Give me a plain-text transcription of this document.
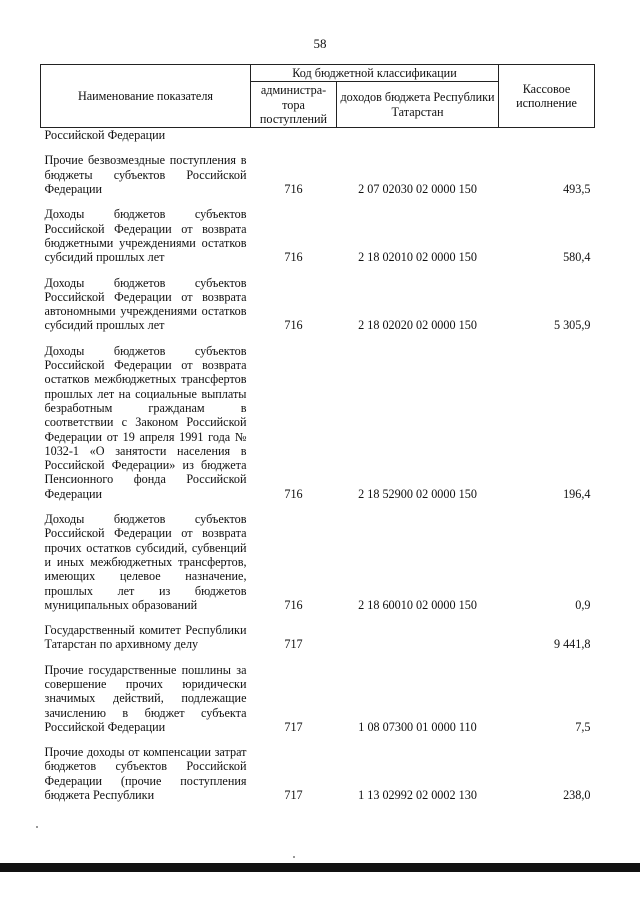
58
Наименование показателя	Код бюджетной классификации		Кассовое исполнение
	администра-тора поступлений	доходов бюджета Республики Татарстан	
Российской Федерации			
Прочие безвозмездные поступления в бюджеты субъектов Российской Федерации	716	2 07 02030 02 0000 150	493,5
Доходы бюджетов субъектов Российской Федерации от возврата бюджетными учреждениями остатков субсидий прошлых лет	716	2 18 02010 02 0000 150	580,4
Доходы бюджетов субъектов Российской Федерации от возврата автономными учреждениями остатков субсидий прошлых лет	716	2 18 02020 02 0000 150	5 305,9
Доходы бюджетов субъектов Российской Федерации от возврата остатков межбюджетных трансфертов прошлых лет на социальные выплаты безработным гражданам в соответствии с Законом Российской Федерации от 19 апреля 1991 года № 1032-1 «О занятости населения в Российской Федерации» из бюджета Пенсионного фонда Российской Федерации	716	2 18 52900 02 0000 150	196,4
Доходы бюджетов субъектов Российской Федерации от возврата прочих остатков субсидий, субвенций и иных межбюджетных трансфертов, имеющих целевое назначение, прошлых лет из бюджетов муниципальных образований	716	2 18 60010 02 0000 150	0,9
Государственный комитет Республики Татарстан по архивному делу	717		9 441,8
Прочие государственные пошлины за совершение прочих юридически значимых действий, подлежащие зачислению в бюджет субъекта Российской Федерации	717	1 08 07300 01 0000 110	7,5
Прочие доходы от компенсации затрат бюджетов субъектов Российской Федерации (прочие поступления бюджета Республики	717	1 13 02992 02 0002 130	238,0
